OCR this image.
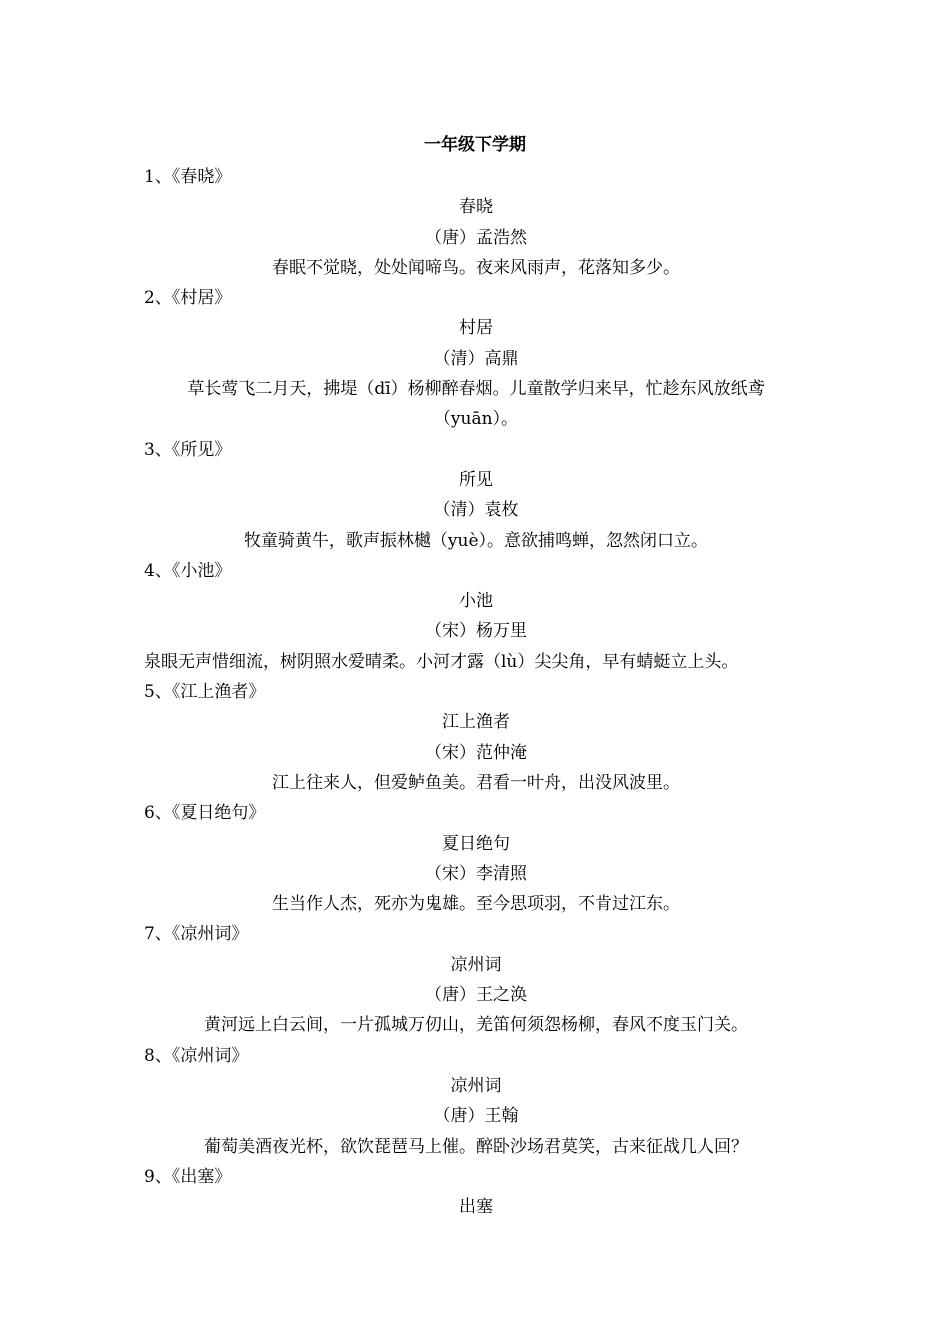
一年级下学期
1、《春晓》
春晓
（唐）孟浩然
春眠不觉晓，处处闻啼鸟。夜来风雨声，花落知多少。
2、《村居》
村居
（清）高鼎
草长莺飞二月天，拂堤（dī）杨柳醉春烟。儿童散学归来早，忙趁东风放纸鸢
（yuān）。
3、《所见》
所见
（清）袁枚
牧童骑黄牛，歌声振林樾（yuè）。意欲捕鸣蝉，忽然闭口立。
4、《小池》
小池
（宋）杨万里
泉眼无声惜细流，树阴照水爱晴柔。小河才露（lù）尖尖角，早有蜻蜓立上头。
5、《江上渔者》
江上渔者
（宋）范仲淹
江上往来人，但爱鲈鱼美。君看一叶舟，出没风波里。
6、《夏日绝句》
夏日绝句
（宋）李清照
生当作人杰，死亦为鬼雄。至今思项羽，不肯过江东。
7、《凉州词》
凉州词
（唐）王之涣
黄河远上白云间，一片孤城万仞山，羌笛何须怨杨柳，春风不度玉门关。
8、《凉州词》
凉州词
（唐）王翰
葡萄美酒夜光杯，欲饮琵琶马上催。醉卧沙场君莫笑，古来征战几人回？
9、《出塞》
出塞
